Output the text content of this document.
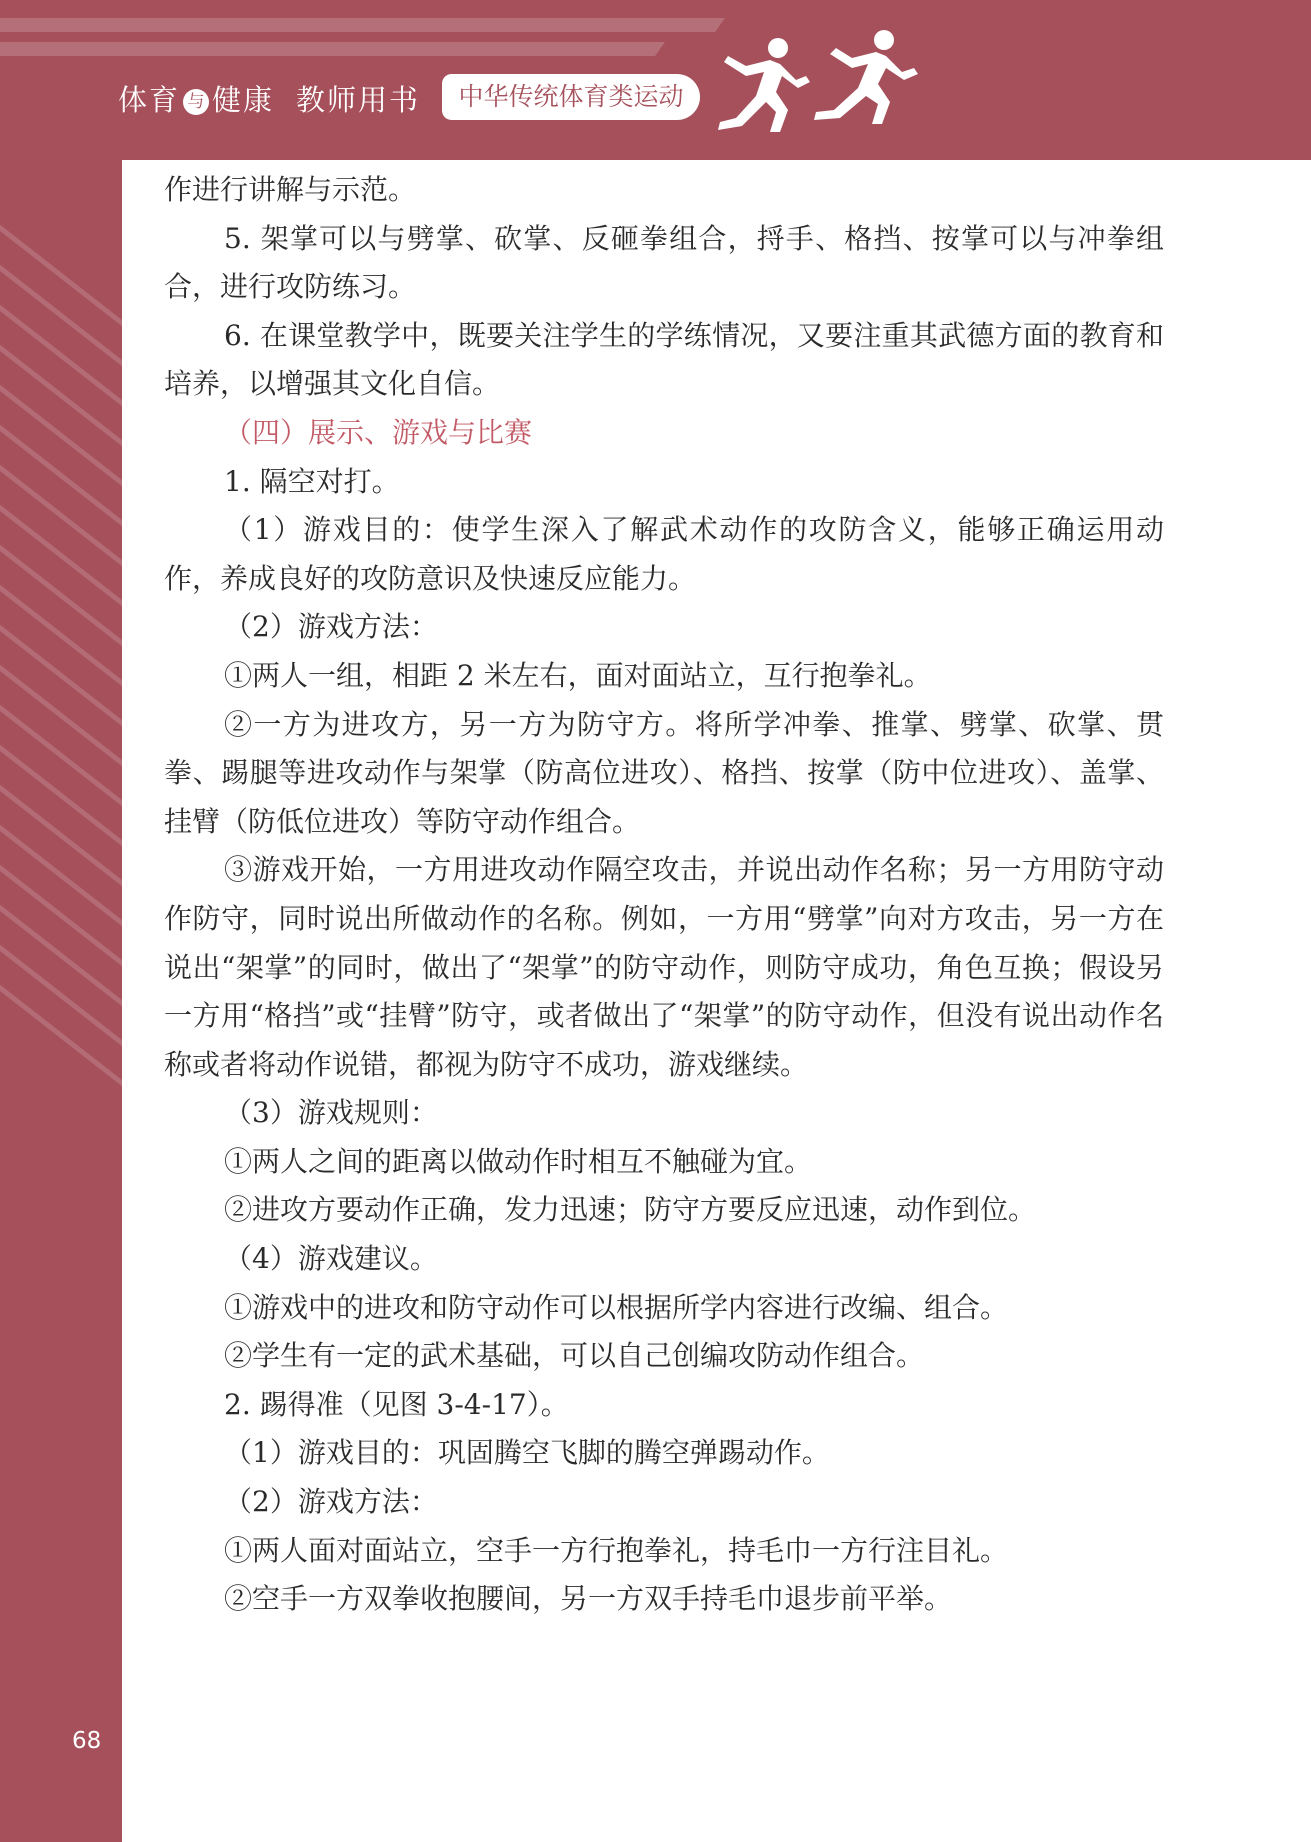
体育 与 健康 教师用书	中华传统体育类运动
68

作进行讲解与示范。

5. 架掌可以与劈掌、砍掌、反砸拳组合，捋手、格挡、按掌可以与冲拳组合，进行攻防练习。

6. 在课堂教学中，既要关注学生的学练情况，又要注重其武德方面的教育和培养，以增强其文化自信。

（四）展示、游戏与比赛

1. 隔空对打。

（1）游戏目的：使学生深入了解武术动作的攻防含义，能够正确运用动作，养成良好的攻防意识及快速反应能力。

（2）游戏方法：

①两人一组，相距 2 米左右，面对面站立，互行抱拳礼。

②一方为进攻方，另一方为防守方。将所学冲拳、推掌、劈掌、砍掌、贯拳、踢腿等进攻动作与架掌（防高位进攻）、格挡、按掌（防中位进攻）、盖掌、挂臂（防低位进攻）等防守动作组合。

③游戏开始，一方用进攻动作隔空攻击，并说出动作名称；另一方用防守动作防守，同时说出所做动作的名称。例如，一方用“劈掌”向对方攻击，另一方在说出“架掌”的同时，做出了“架掌”的防守动作，则防守成功，角色互换；假设另一方用“格挡”或“挂臂”防守，或者做出了“架掌”的防守动作，但没有说出动作名称或者将动作说错，都视为防守不成功，游戏继续。

（3）游戏规则：

①两人之间的距离以做动作时相互不触碰为宜。

②进攻方要动作正确，发力迅速；防守方要反应迅速，动作到位。

（4）游戏建议。

①游戏中的进攻和防守动作可以根据所学内容进行改编、组合。

②学生有一定的武术基础，可以自己创编攻防动作组合。

2. 踢得准（见图 3-4-17）。

（1）游戏目的：巩固腾空飞脚的腾空弹踢动作。

（2）游戏方法：

①两人面对面站立，空手一方行抱拳礼，持毛巾一方行注目礼。

②空手一方双拳收抱腰间，另一方双手持毛巾退步前平举。
